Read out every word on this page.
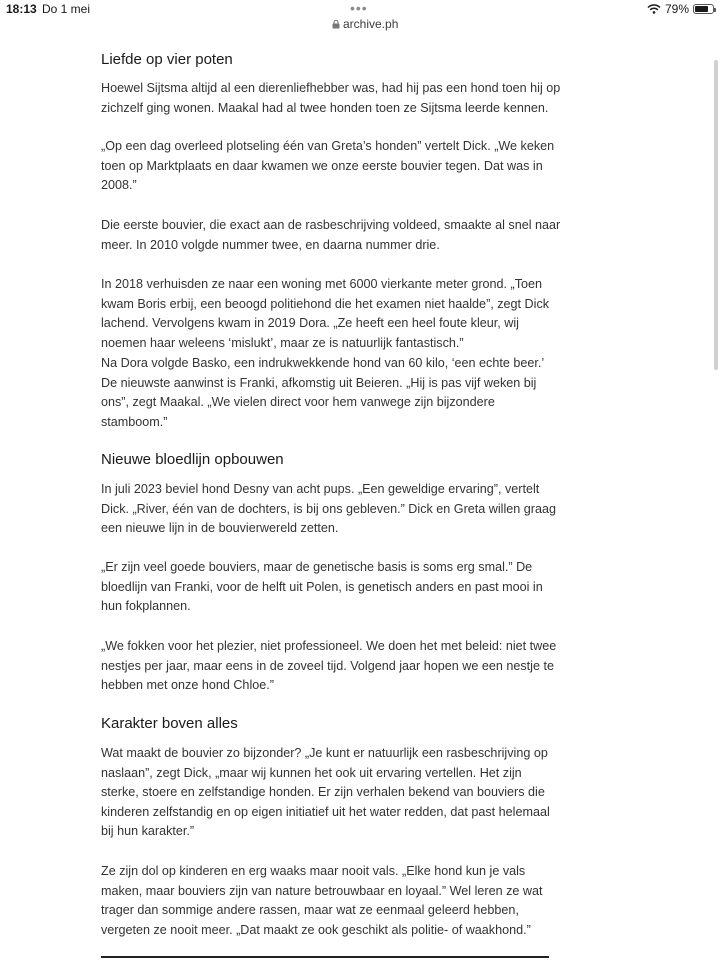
18:13 Do 1 mei	•••
archive.ph
79%
Liefde op vier poten

Hoewel Sijtsma altijd al een dierenliefhebber was, had hij pas een hond toen hij op zichzelf ging wonen. Maakal had al twee honden toen ze Sijtsma leerde kennen.

„Op een dag overleed plotseling één van Greta’s honden” vertelt Dick. „We keken toen op Marktplaats en daar kwamen we onze eerste bouvier tegen. Dat was in 2008.”

Die eerste bouvier, die exact aan de rasbeschrijving voldeed, smaakte al snel naar meer. In 2010 volgde nummer twee, en daarna nummer drie.

In 2018 verhuisden ze naar een woning met 6000 vierkante meter grond. „Toen kwam Boris erbij, een beoogd politiehond die het examen niet haalde”, zegt Dick lachend. Vervolgens kwam in 2019 Dora. „Ze heeft een heel foute kleur, wij noemen haar weleens ‘mislukt’, maar ze is natuurlijk fantastisch.”

Na Dora volgde Basko, een indrukwekkende hond van 60 kilo, ‘een echte beer.’ De nieuwste aanwinst is Franki, afkomstig uit Beieren. „Hij is pas vijf weken bij ons”, zegt Maakal. „We vielen direct voor hem vanwege zijn bijzondere stamboom.”

Nieuwe bloedlijn opbouwen

In juli 2023 beviel hond Desny van acht pups. „Een geweldige ervaring”, vertelt Dick. „River, één van de dochters, is bij ons gebleven.” Dick en Greta willen graag een nieuwe lijn in de bouvierwereld zetten.

„Er zijn veel goede bouviers, maar de genetische basis is soms erg smal.” De bloedlijn van Franki, voor de helft uit Polen, is genetisch anders en past mooi in hun fokplannen.

„We fokken voor het plezier, niet professioneel. We doen het met beleid: niet twee nestjes per jaar, maar eens in de zoveel tijd. Volgend jaar hopen we een nestje te hebben met onze hond Chloe.”

Karakter boven alles

Wat maakt de bouvier zo bijzonder? „Je kunt er natuurlijk een rasbeschrijving op naslaan”, zegt Dick, „maar wij kunnen het ook uit ervaring vertellen. Het zijn sterke, stoere en zelfstandige honden. Er zijn verhalen bekend van bouviers die kinderen zelfstandig en op eigen initiatief uit het water redden, dat past helemaal bij hun karakter.”

Ze zijn dol op kinderen en erg waaks maar nooit vals. „Elke hond kun je vals maken, maar bouviers zijn van nature betrouwbaar en loyaal.” Wel leren ze wat trager dan sommige andere rassen, maar wat ze eenmaal geleerd hebben, vergeten ze nooit meer. „Dat maakt ze ook geschikt als politie- of waakhond.”
